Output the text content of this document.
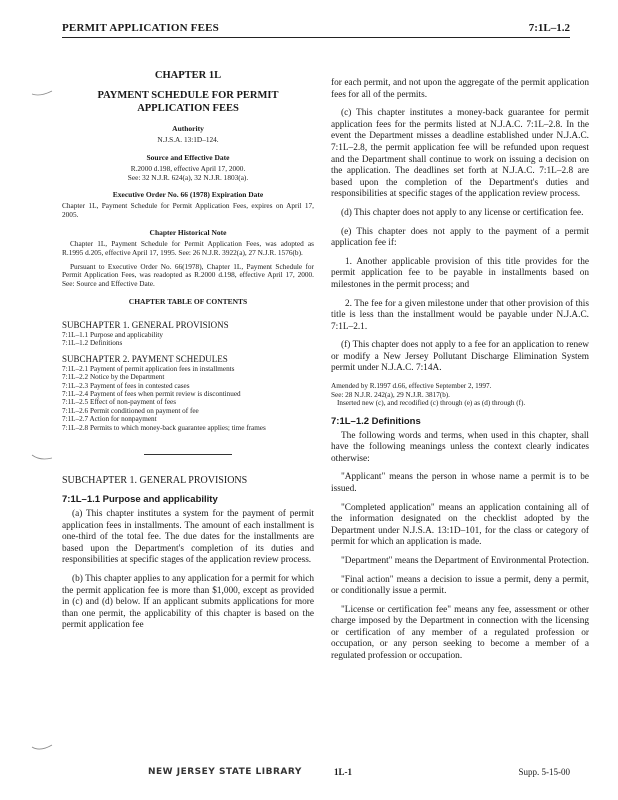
PERMIT APPLICATION FEES	7:1L–1.2
CHAPTER 1L
PAYMENT SCHEDULE FOR PERMIT
APPLICATION FEES
Authority
N.J.S.A. 13:1D–124.
Source and Effective Date
R.2000 d.198, effective April 17, 2000.
See: 32 N.J.R. 624(a), 32 N.J.R. 1803(a).
Executive Order No. 66 (1978) Expiration Date
Chapter 1L, Payment Schedule for Permit Application Fees, expires on April 17, 2005.
Chapter Historical Note
Chapter 1L, Payment Schedule for Permit Application Fees, was adopted as R.1995 d.205, effective April 17, 1995. See: 26 N.J.R. 3922(a), 27 N.J.R. 1576(b).
Pursuant to Executive Order No. 66(1978), Chapter 1L, Payment Schedule for Permit Application Fees, was readopted as R.2000 d.198, effective April 17, 2000. See: Source and Effective Date.
CHAPTER TABLE OF CONTENTS
SUBCHAPTER 1. GENERAL PROVISIONS
7:1L–1.1 Purpose and applicability
7:1L–1.2 Definitions
SUBCHAPTER 2. PAYMENT SCHEDULES
7:1L–2.1 Payment of permit application fees in installments
7:1L–2.2 Notice by the Department
7:1L–2.3 Payment of fees in contested cases
7:1L–2.4 Payment of fees when permit review is discontinued
7:1L–2.5 Effect of non-payment of fees
7:1L–2.6 Permit conditioned on payment of fee
7:1L–2.7 Action for nonpayment
7:1L–2.8 Permits to which money-back guarantee applies; time frames
SUBCHAPTER 1. GENERAL PROVISIONS
7:1L–1.1 Purpose and applicability
(a) This chapter institutes a system for the payment of permit application fees in installments. The amount of each installment is one-third of the total fee. The due dates for the installments are based upon the Department's completion of its duties and responsibilities at specific stages of the application review process.
(b) This chapter applies to any application for a permit for which the permit application fee is more than $1,000, except as provided in (c) and (d) below. If an applicant submits applications for more than one permit, the applicability of this chapter is based on the permit application fee
for each permit, and not upon the aggregate of the permit application fees for all of the permits.
(c) This chapter institutes a money-back guarantee for permit application fees for the permits listed at N.J.A.C. 7:1L–2.8. In the event the Department misses a deadline established under N.J.A.C. 7:1L–2.8, the permit application fee will be refunded upon request and the Department shall continue to work on issuing a decision on the application. The deadlines set forth at N.J.A.C. 7:1L–2.8 are based upon the completion of the Department's duties and responsibilities at specific stages of the application review process.
(d) This chapter does not apply to any license or certification fee.
(e) This chapter does not apply to the payment of a permit application fee if:
1. Another applicable provision of this title provides for the permit application fee to be payable in installments based on milestones in the permit process; and
2. The fee for a given milestone under that other provision of this title is less than the installment would be payable under N.J.A.C. 7:1L–2.1.
(f) This chapter does not apply to a fee for an application to renew or modify a New Jersey Pollutant Discharge Elimination System permit under N.J.A.C. 7:14A.
Amended by R.1997 d.66, effective September 2, 1997.
See: 28 N.J.R. 242(a), 29 N.J.R. 3817(b).
Inserted new (c), and recodified (c) through (e) as (d) through (f).
7:1L–1.2 Definitions
The following words and terms, when used in this chapter, shall have the following meanings unless the context clearly indicates otherwise:
"Applicant" means the person in whose name a permit is to be issued.
"Completed application" means an application containing all of the information designated on the checklist adopted by the Department under N.J.S.A. 13:1D–101, for the class or category of permit for which an application is made.
"Department" means the Department of Environmental Protection.
"Final action" means a decision to issue a permit, deny a permit, or conditionally issue a permit.
"License or certification fee" means any fee, assessment or other charge imposed by the Department in connection with the licensing or certification of any member of a regulated profession or occupation, or any person seeking to become a member of a regulated profession or occupation.
NEW JERSEY STATE LIBRARY	1L-1	Supp. 5-15-00
